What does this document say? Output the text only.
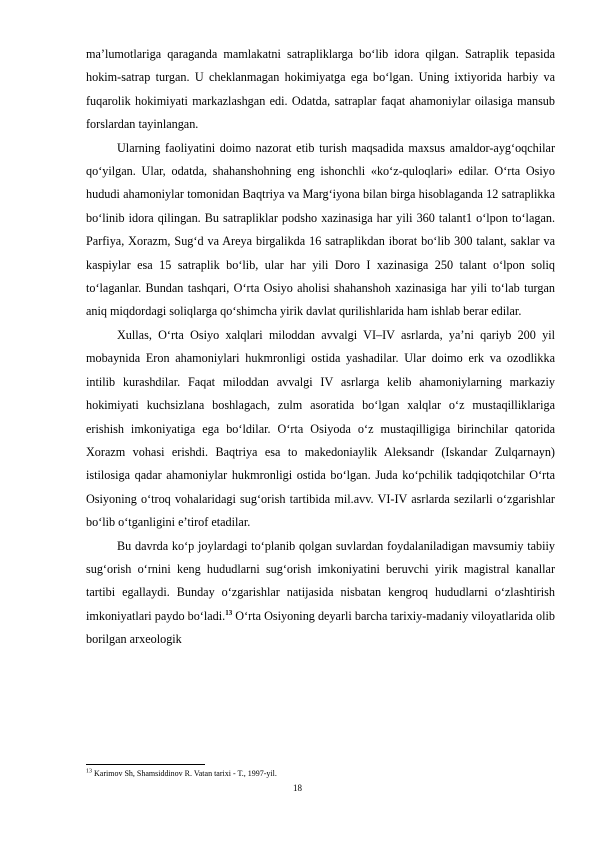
ma’lumotlariga qaraganda mamlakatni satrapliklarga bo‘lib idora qilgan. Satraplik tepasida hokim-satrap turgan. U cheklanmagan hokimiyatga ega bo‘lgan. Uning ixtiyorida harbiy va fuqarolik hokimiyati markazlashgan edi. Odatda, satraplar faqat ahamoniylar oilasiga mansub forslardan tayinlangan.

Ularning faoliyatini doimo nazorat etib turish maqsadida maxsus amaldor-ayg‘oqchilar qo‘yilgan. Ular, odatda, shahanshohning eng ishonchli «ko‘z-quloqlari» edilar. O‘rta Osiyo hududi ahamoniylar tomonidan Baqtriya va Marg‘iyona bilan birga hisoblaganda 12 satraplikka bo‘linib idora qilingan. Bu satrapliklar podsho xazinasiga har yili 360 talant1 o‘lpon to‘lagan. Parfiya, Xorazm, Sug‘d va Areya birgalikda 16 satraplikdan iborat bo‘lib 300 talant, saklar va kaspiylar esa 15 satraplik bo‘lib, ular har yili Doro I xazinasiga 250 talant o‘lpon soliq to‘laganlar. Bundan tashqari, O‘rta Osiyo aholisi shahanshoh xazinasiga har yili to‘lab turgan aniq miqdordagi soliqlarga qo‘shimcha yirik davlat qurilishlarida ham ishlab berar edilar.

Xullas, O‘rta Osiyo xalqlari miloddan avvalgi VI–IV asrlarda, ya’ni qariyb 200 yil mobaynida Eron ahamoniylari hukmronligi ostida yashadilar. Ular doimo erk va ozodlikka intilib kurashdilar. Faqat miloddan avvalgi IV asrlarga kelib ahamoniylarning markaziy hokimiyati kuchsizlana boshlagach, zulm asoratida bo‘lgan xalqlar o‘z mustaqilliklariga erishish imkoniyatiga ega bo‘ldilar. O‘rta Osiyoda o‘z mustaqilligiga birinchilar qatorida Xorazm vohasi erishdi. Baqtriya esa to makedoniaylik Aleksandr (Iskandar Zulqarnayn) istilosiga qadar ahamoniylar hukmronligi ostida bo‘lgan. Juda ko‘pchilik tadqiqotchilar O‘rta Osiyoning o‘troq vohalaridagi sug‘orish tartibida mil.avv. VI-IV asrlarda sezilarli o‘zgarishlar bo‘lib o‘tganligini e’tirof etadilar.

Bu davrda ko‘p joylardagi to‘planib qolgan suvlardan foydalaniladigan mavsumiy tabiiy sug‘orish o‘rnini keng hududlarni sug‘orish imkoniyatini beruvchi yirik magistral kanallar tartibi egallaydi. Bunday o‘zgarishlar natijasida nisbatan kengroq hududlarni o‘zlashtirish imkoniyatlari paydo bo‘ladi.$^{13}$ O‘rta Osiyoning deyarli barcha tarixiy-madaniy viloyatlarida olib borilgan arxeologik

$^{13}$ Karimov Sh, Shamsiddinov R. Vatan tarixi - T., 1997-yil.
18
